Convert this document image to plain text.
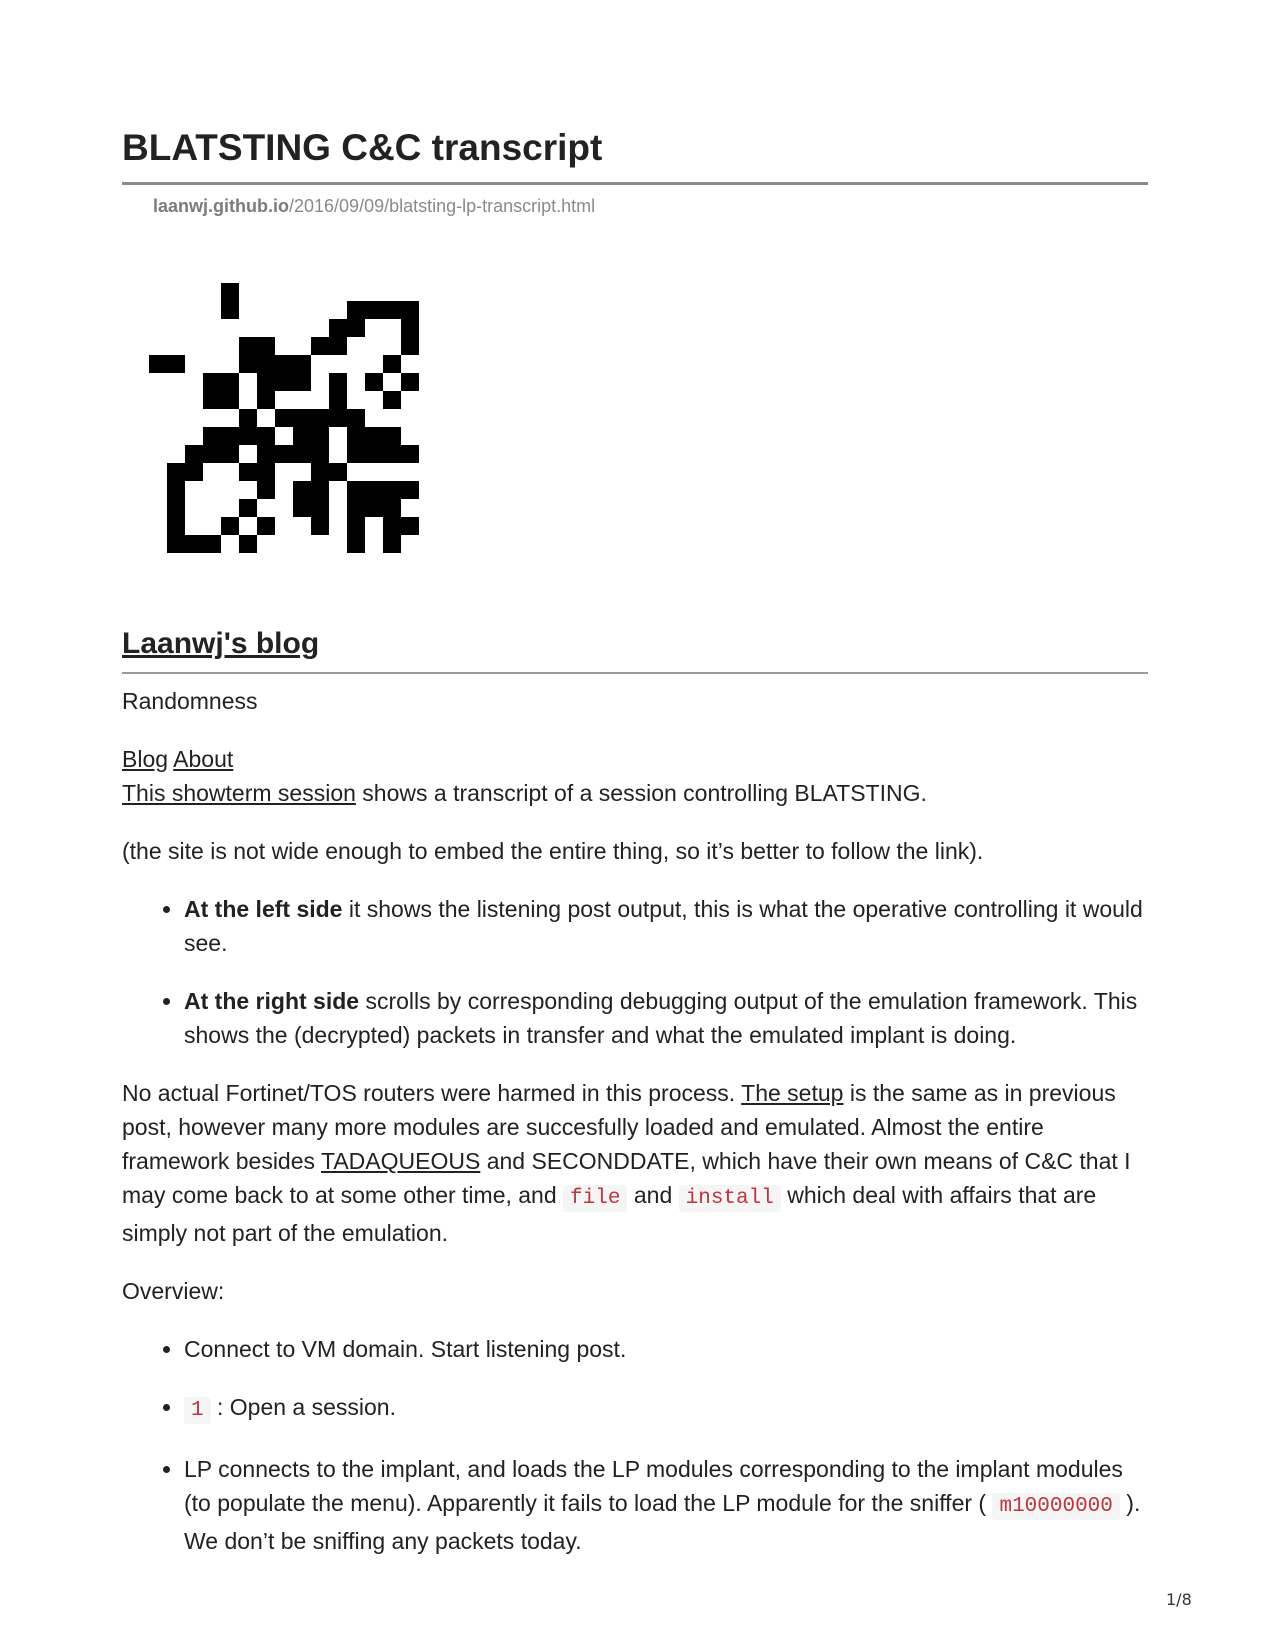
BLATSTING C&C transcript
laanwj.github.io/2016/09/09/blatsting-lp-transcript.html
Laanwj's blog

Randomness

Blog About

This showterm session shows a transcript of a session controlling BLATSTING.

(the site is not wide enough to embed the entire thing, so it’s better to follow the link).

• At the left side it shows the listening post output, this is what the operative controlling it would see.
• At the right side scrolls by corresponding debugging output of the emulation framework. This shows the (decrypted) packets in transfer and what the emulated implant is doing.

No actual Fortinet/TOS routers were harmed in this process. The setup is the same as in previous post, however many more modules are succesfully loaded and emulated. Almost the entire framework besides TADAQUEOUS and SECONDDATE, which have their own means of C&C that I may come back to at some other time, and file and install which deal with affairs that are simply not part of the emulation.

Overview:

• Connect to VM domain. Start listening post.
• 1 : Open a session.
• LP connects to the implant, and loads the LP modules corresponding to the implant modules (to populate the menu). Apparently it fails to load the LP module for the sniffer ( m10000000 ). We don’t be sniffing any packets today.
1/8
